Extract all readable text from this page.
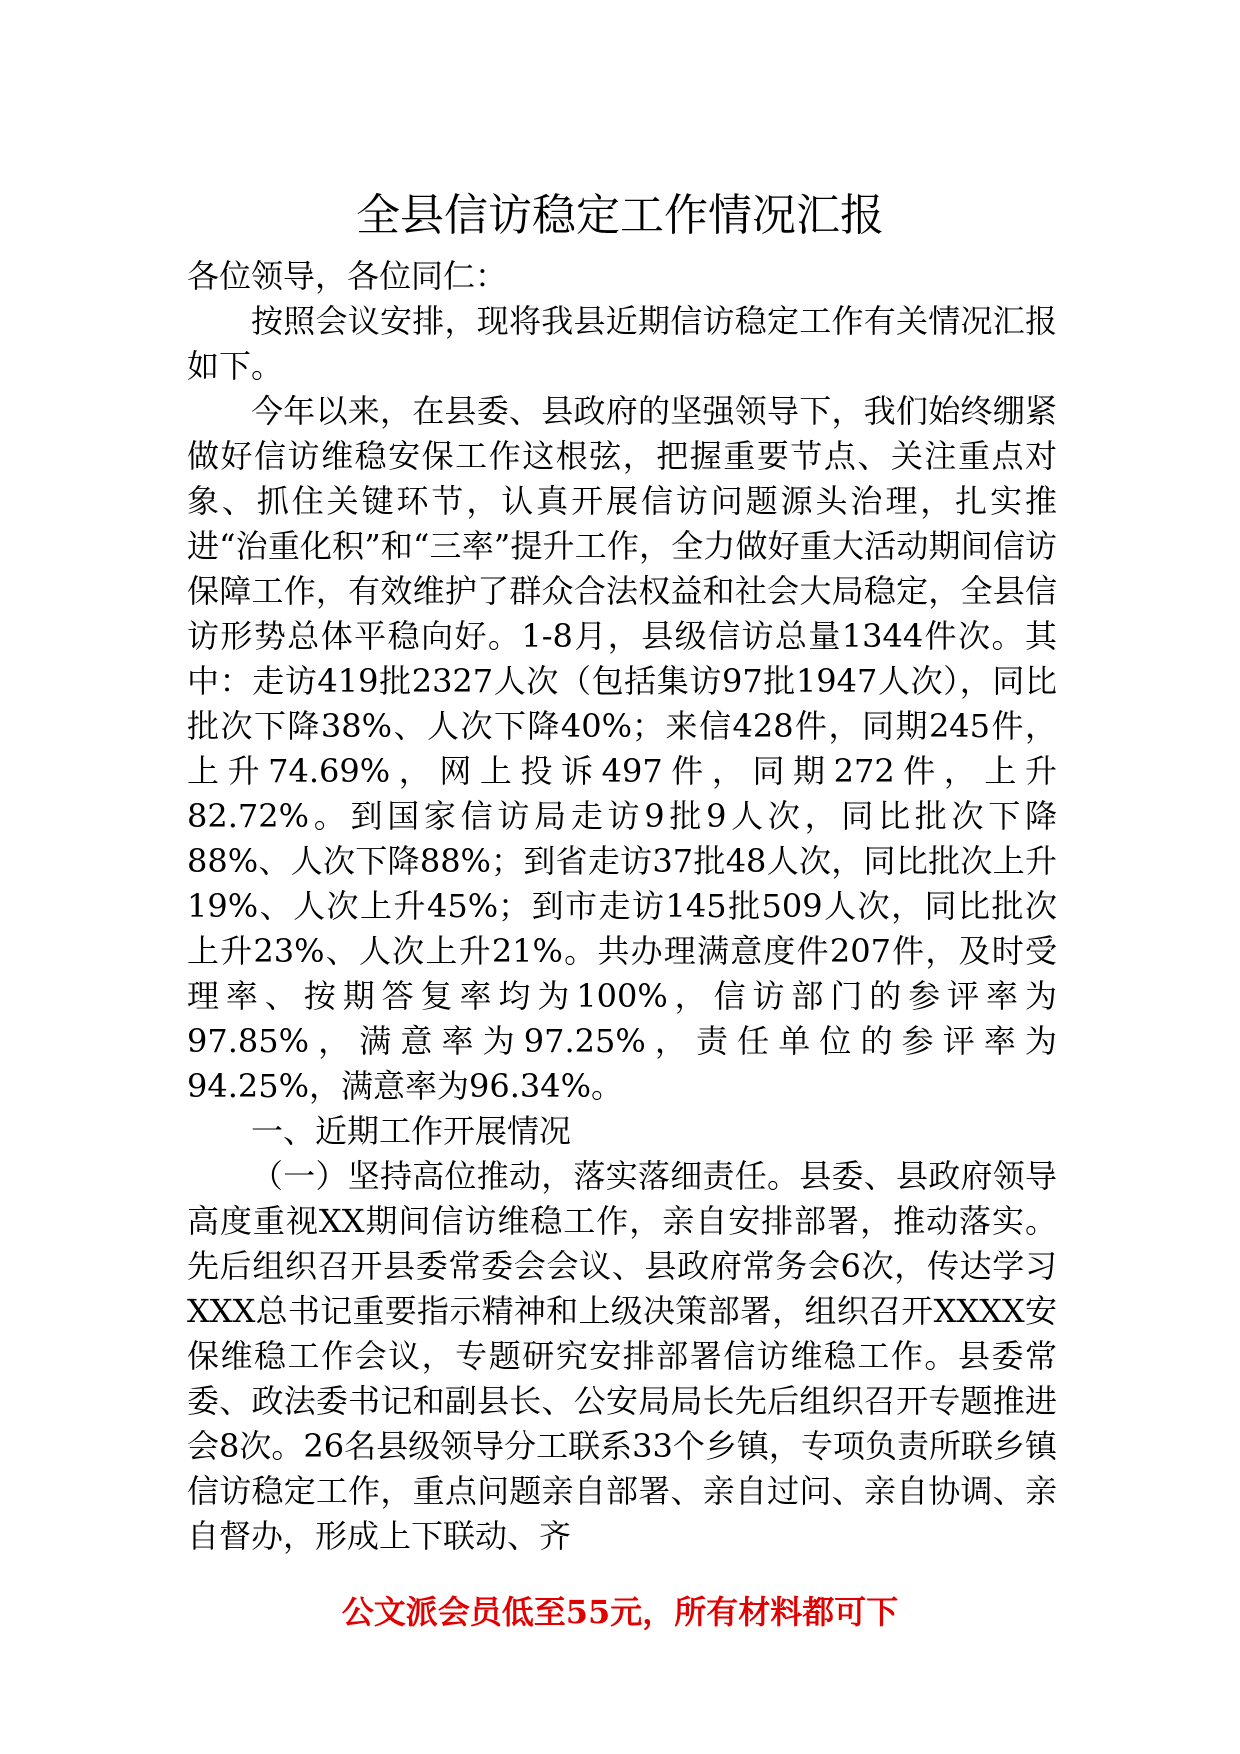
全县信访稳定工作情况汇报

各位领导，各位同仁：

按照会议安排，现将我县近期信访稳定工作有关情况汇报如下。

今年以来，在县委、县政府的坚强领导下，我们始终绷紧做好信访维稳安保工作这根弦，把握重要节点、关注重点对象、抓住关键环节，认真开展信访问题源头治理，扎实推进“治重化积”和“三率”提升工作，全力做好重大活动期间信访保障工作，有效维护了群众合法权益和社会大局稳定，全县信访形势总体平稳向好。1-8月，县级信访总量1344件次。其中：走访419批2327人次（包括集访97批1947人次），同比批次下降38%、人次下降40%；来信428件，同期245件，上升74.69%，网上投诉497件，同期272件，上升82.72%。到国家信访局走访9批9人次，同比批次下降88%、人次下降88%；到省走访37批48人次，同比批次上升19%、人次上升45%；到市走访145批509人次，同比批次上升23%、人次上升21%。共办理满意度件207件，及时受理率、按期答复率均为100%，信访部门的参评率为97.85%，满意率为97.25%，责任单位的参评率为94.25%，满意率为96.34%。

一、近期工作开展情况

（一）坚持高位推动，落实落细责任。县委、县政府领导高度重视XX期间信访维稳工作，亲自安排部署，推动落实。先后组织召开县委常委会会议、县政府常务会6次，传达学习XXX总书记重要指示精神和上级决策部署，组织召开XXXX安保维稳工作会议，专题研究安排部署信访维稳工作。县委常委、政法委书记和副县长、公安局局长先后组织召开专题推进会8次。26名县级领导分工联系33个乡镇，专项负责所联乡镇信访稳定工作，重点问题亲自部署、亲自过问、亲自协调、亲自督办，形成上下联动、齐

公文派会员低至55元，所有材料都可下
